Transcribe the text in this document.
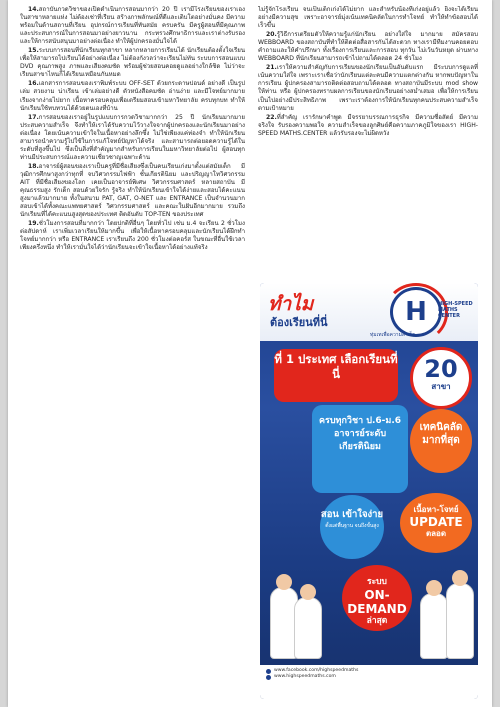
14.สถาบันกวดวิชาของเปิดดำเนินการสอนมากว่า 20 ปี เรามีโรงเรียนของเราเองในสาขาหลายแห่ง ไม่ต้องเช่าที่เรียน สร้างภาพลักษณ์ที่ดีและเติบโตอย่างมั่นคง มีความพร้อมในด้านสถานที่เรียน อุปกรณ์การเรียนที่ทันสมัย ครบครัน มีครูผู้สอนที่มีคุณภาพและประสบการณ์ในการสอนมาอย่างยาวนาน กระทรวงศึกษาธิการและเราต่างรับรองและให้การสนับสนุนมาอย่างต่อเนื่อง ทำให้ผู้ปกครองมั่นใจได้

15.ระบบการสอนที่นักเรียนทุกสาขา หลากหลายการเรียนได้ นักเรียนต้องตั้งใจเรียน เพื่อให้สามารถไปเรียนได้อย่างต่อเนื่อง ไม่ต้องกังวลว่าจะเรียนไม่ทัน ระบบการสอนแบบ DVD คุณภาพสูง ภาพและเสียงคมชัด พร้อมผู้ช่วยสอนคอยดูแลอย่างใกล้ชิด ไม่ว่าจะเรียนสาขาไหนก็ได้เรียนเหมือนกันหมด

16.เอกสารการสอนของเราพิมพ์ระบบ OFF-SET ด้วยกระดาษปอนด์ อย่างดี เป็นรูปเล่ม สวยงาม น่าเรียน เข้าเล่มอย่างดี ตัวหนังสือคมชัด อ่านง่าย และมีโจทย์มากมาย เรียงจากง่ายไปยาก เนื้อหาครอบคลุมเพื่อเตรียมสอบเข้ามหาวิทยาลัย ครบทุกบท ทำให้นักเรียนใช้ทบทวนได้ด้วยตนเองที่บ้าน

17.การสอนของเราอยู่ในรูปแบบการกวดวิชามากกว่า 25 ปี นักเรียนมากมายประสบความสำเร็จ จึงทำให้เราได้รับความไว้วางใจจากผู้ปกครองและนักเรียนมาอย่างต่อเนื่อง โดยเน้นความเข้าใจในเนื้อหาอย่างลึกซึ้ง ไม่ใช่เพียงแค่ท่องจำ ทำให้นักเรียนสามารถนำความรู้ไปใช้ในการแก้โจทย์ปัญหาได้จริง และสามารถต่อยอดความรู้ได้ในระดับที่สูงขึ้นไป ซึ่งเป็นสิ่งที่สำคัญมากสำหรับการเรียนในมหาวิทยาลัยต่อไป ผู้สอนทุกท่านมีประสบการณ์และความเชี่ยวชาญเฉพาะด้าน

18.อาจารย์ผู้สอนของเราเป็นครูที่มีชื่อเสียงซึ่งเป็นคนเรียนเก่งมาตั้งแต่สมัยเด็ก มีวุฒิการศึกษาสูงกว่าทุกที่ จบวิศวกรรมไฟฟ้า ชั้นเกียรตินิยม และปริญญาโทวิศวกรรม AIT ที่มีชื่อเสียงของโลก เคยเป็นอาจารย์พิเศษ วิศวกรรมศาสตร์ หลายสถาบัน มีคุณธรรมสูง รักเด็ก สอนด้วยใจรัก รู้จริง ทำให้นักเรียนเข้าใจได้ง่ายและสอบได้คะแนนสูงมาแล้วมากมาย ทั้งในสนาม PAT, GAT, O-NET และ ENTRANCE เป็นจำนวนมาก สอบเข้าได้ทั้งคณะแพทยศาสตร์ วิศวกรรมศาสตร์ และคณะในฝันอีกมากมาย รวมถึงนักเรียนที่ได้คะแนนสูงสุดของประเทศ ติดอันดับ TOP-TEN ของประเทศ

19.ชั่วโมงการสอนที่มากกว่า โดยปกติที่อื่นๆ โดยทั่วไป เช่น ม.4 จะเรียน 2 ชั่วโมงต่อสัปดาห์ เราเพิ่มเวลาเรียนให้มากขึ้น เพื่อให้เนื้อหาครอบคลุมและนักเรียนได้ฝึกทำโจทย์มากกว่า หรือ ENTRANCE เราเรียนถึง 200 ชั่วโมงต่อคอร์ส ในขณะที่อื่นใช้เวลาเพียงครึ่งหนึ่ง ทำให้เรามั่นใจได้ว่านักเรียนจะเข้าใจเนื้อหาได้อย่างแท้จริง

ไม่รู้จักโรงเรียน จนเป็นเด็กเก่งได้ไม่ยาก และสำหรับน้องที่เก่งอยู่แล้ว ยิ่งจะได้เรียนอย่างมีความสุข เพราะอาจารย์มุ่งเน้นเทคนิคลัดในการทำโจทย์ ทำให้ทำข้อสอบได้เร็วขึ้น

20.รู้วิธีการเตรียมตัวให้ความรู้แก่นักเรียน อย่างใส่ใจ มากมาย สมัครสอบ WEBBOARD ของสถาบันที่ทำให้ติดต่อสื่อสารกันได้สะดวก ทางเรามีทีมงานคอยตอบคำถามและให้คำปรึกษา ทั้งเรื่องการเรียนและการสอบ ทุกวัน ไม่เว้นวันหยุด ผ่านทาง WEBBOARD ที่นักเรียนสามารถเข้าไปถามได้ตลอด 24 ชั่วโมง

21.เราให้ความสำคัญกับการเรียนของนักเรียนเป็นอันดับแรก มีระบบการดูแลที่เน้นความใส่ใจ เพราะเราเชื่อว่านักเรียนแต่ละคนมีความแตกต่างกัน หากพบปัญหาในการเรียน ผู้ปกครองสามารถติดต่อสอบถามได้ตลอด ทางสถาบันมีระบบ mod show ให้ท่าน หรือ ผู้ปกครองทราบผลการเรียนของนักเรียนอย่างสม่ำเสมอ เพื่อให้การเรียนเป็นไปอย่างมีประสิทธิภาพ เพราะเราต้องการให้นักเรียนทุกคนประสบความสำเร็จตามเป้าหมาย

22.ที่สำคัญ เรารักษาคำพูด มีจรรยาบรรณการธุรกิจ มีความซื่อสัตย์ มีความจริงใจ รับรองความพอใจ ความสำเร็จของลูกศิษย์คือความภาคภูมิใจของเรา HIGH-SPEED MATHS.CENTER แล้วรับรองจะไม่ผิดหวัง

ทำไม
ต้องเรียนที่นี่	H HIGH-SPEED MATHS CENTER
ทุ่มเทเพื่อความสำเร็จ
ที่ 1 ประเทศ เลือกเรียนที่นี่	20
สาขา
ครบทุกวิชา ป.6-ม.6 อาจารย์ระดับ เกียรตินิยม
เทคนิคลัด มากที่สุด
สอน เข้าใจง่าย
ตั้งแต่พื้นฐาน จนถึงขั้นสูง
เนื้อหา-โจทย์
UPDATE
ตลอด
ระบบ
ON-DEMAND
ล่าสุด
www.facebook.com/highspeedmaths
www.highspeedmaths.com
